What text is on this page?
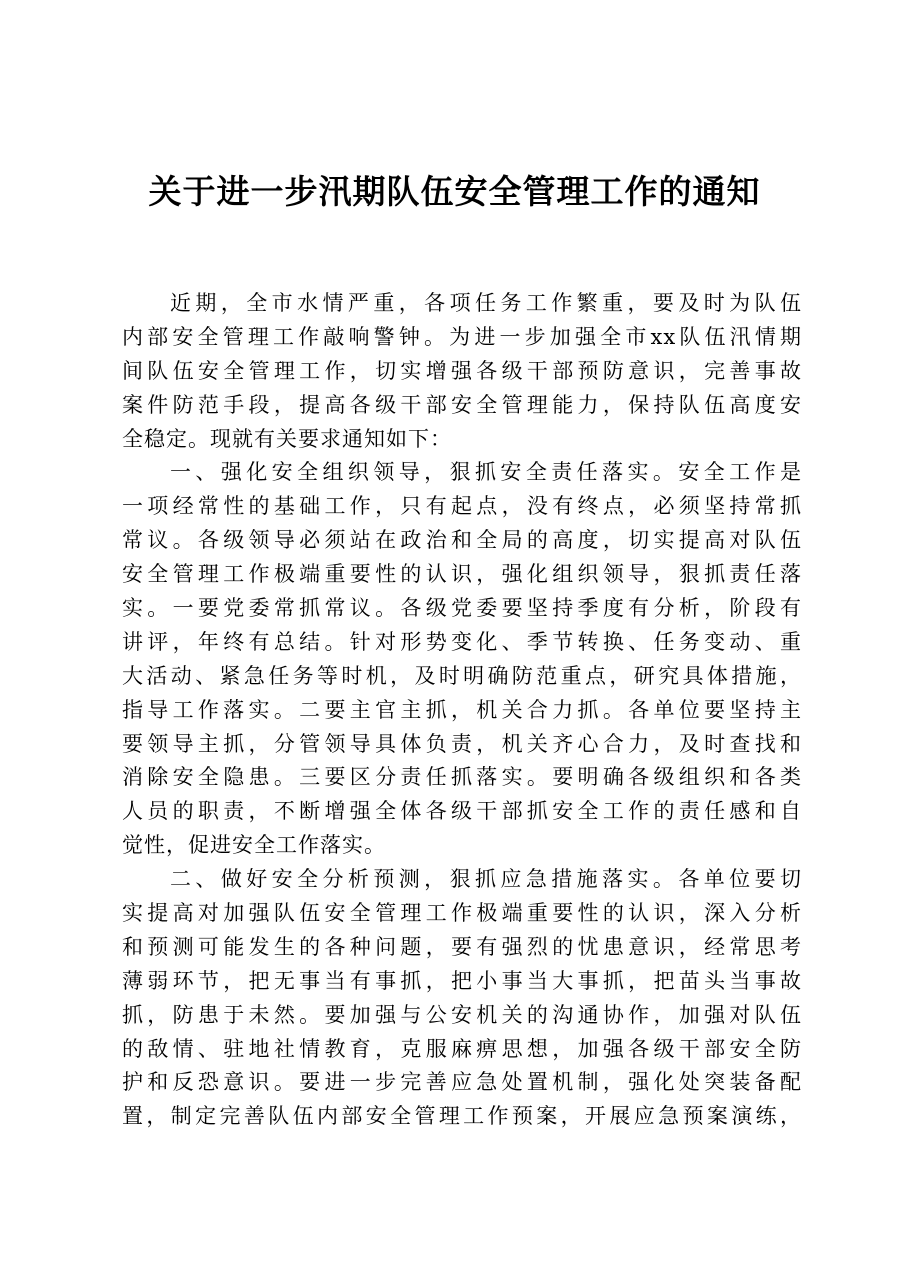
关于进一步汛期队伍安全管理工作的通知
近期，全市水情严重，各项任务工作繁重，要及时为队伍
内部安全管理工作敲响警钟。为进一步加强全市xx队伍汛情期
间队伍安全管理工作，切实增强各级干部预防意识，完善事故
案件防范手段，提高各级干部安全管理能力，保持队伍高度安
全稳定。现就有关要求通知如下：
一、强化安全组织领导，狠抓安全责任落实。安全工作是
一项经常性的基础工作，只有起点，没有终点，必须坚持常抓
常议。各级领导必须站在政治和全局的高度，切实提高对队伍
安全管理工作极端重要性的认识，强化组织领导，狠抓责任落
实。一要党委常抓常议。各级党委要坚持季度有分析，阶段有
讲评，年终有总结。针对形势变化、季节转换、任务变动、重
大活动、紧急任务等时机，及时明确防范重点，研究具体措施，
指导工作落实。二要主官主抓，机关合力抓。各单位要坚持主
要领导主抓，分管领导具体负责，机关齐心合力，及时查找和
消除安全隐患。三要区分责任抓落实。要明确各级组织和各类
人员的职责，不断增强全体各级干部抓安全工作的责任感和自
觉性，促进安全工作落实。
二、做好安全分析预测，狠抓应急措施落实。各单位要切
实提高对加强队伍安全管理工作极端重要性的认识，深入分析
和预测可能发生的各种问题，要有强烈的忧患意识，经常思考
薄弱环节，把无事当有事抓，把小事当大事抓，把苗头当事故
抓，防患于未然。要加强与公安机关的沟通协作，加强对队伍
的敌情、驻地社情教育，克服麻痹思想，加强各级干部安全防
护和反恐意识。要进一步完善应急处置机制，强化处突装备配
置，制定完善队伍内部安全管理工作预案，开展应急预案演练，
